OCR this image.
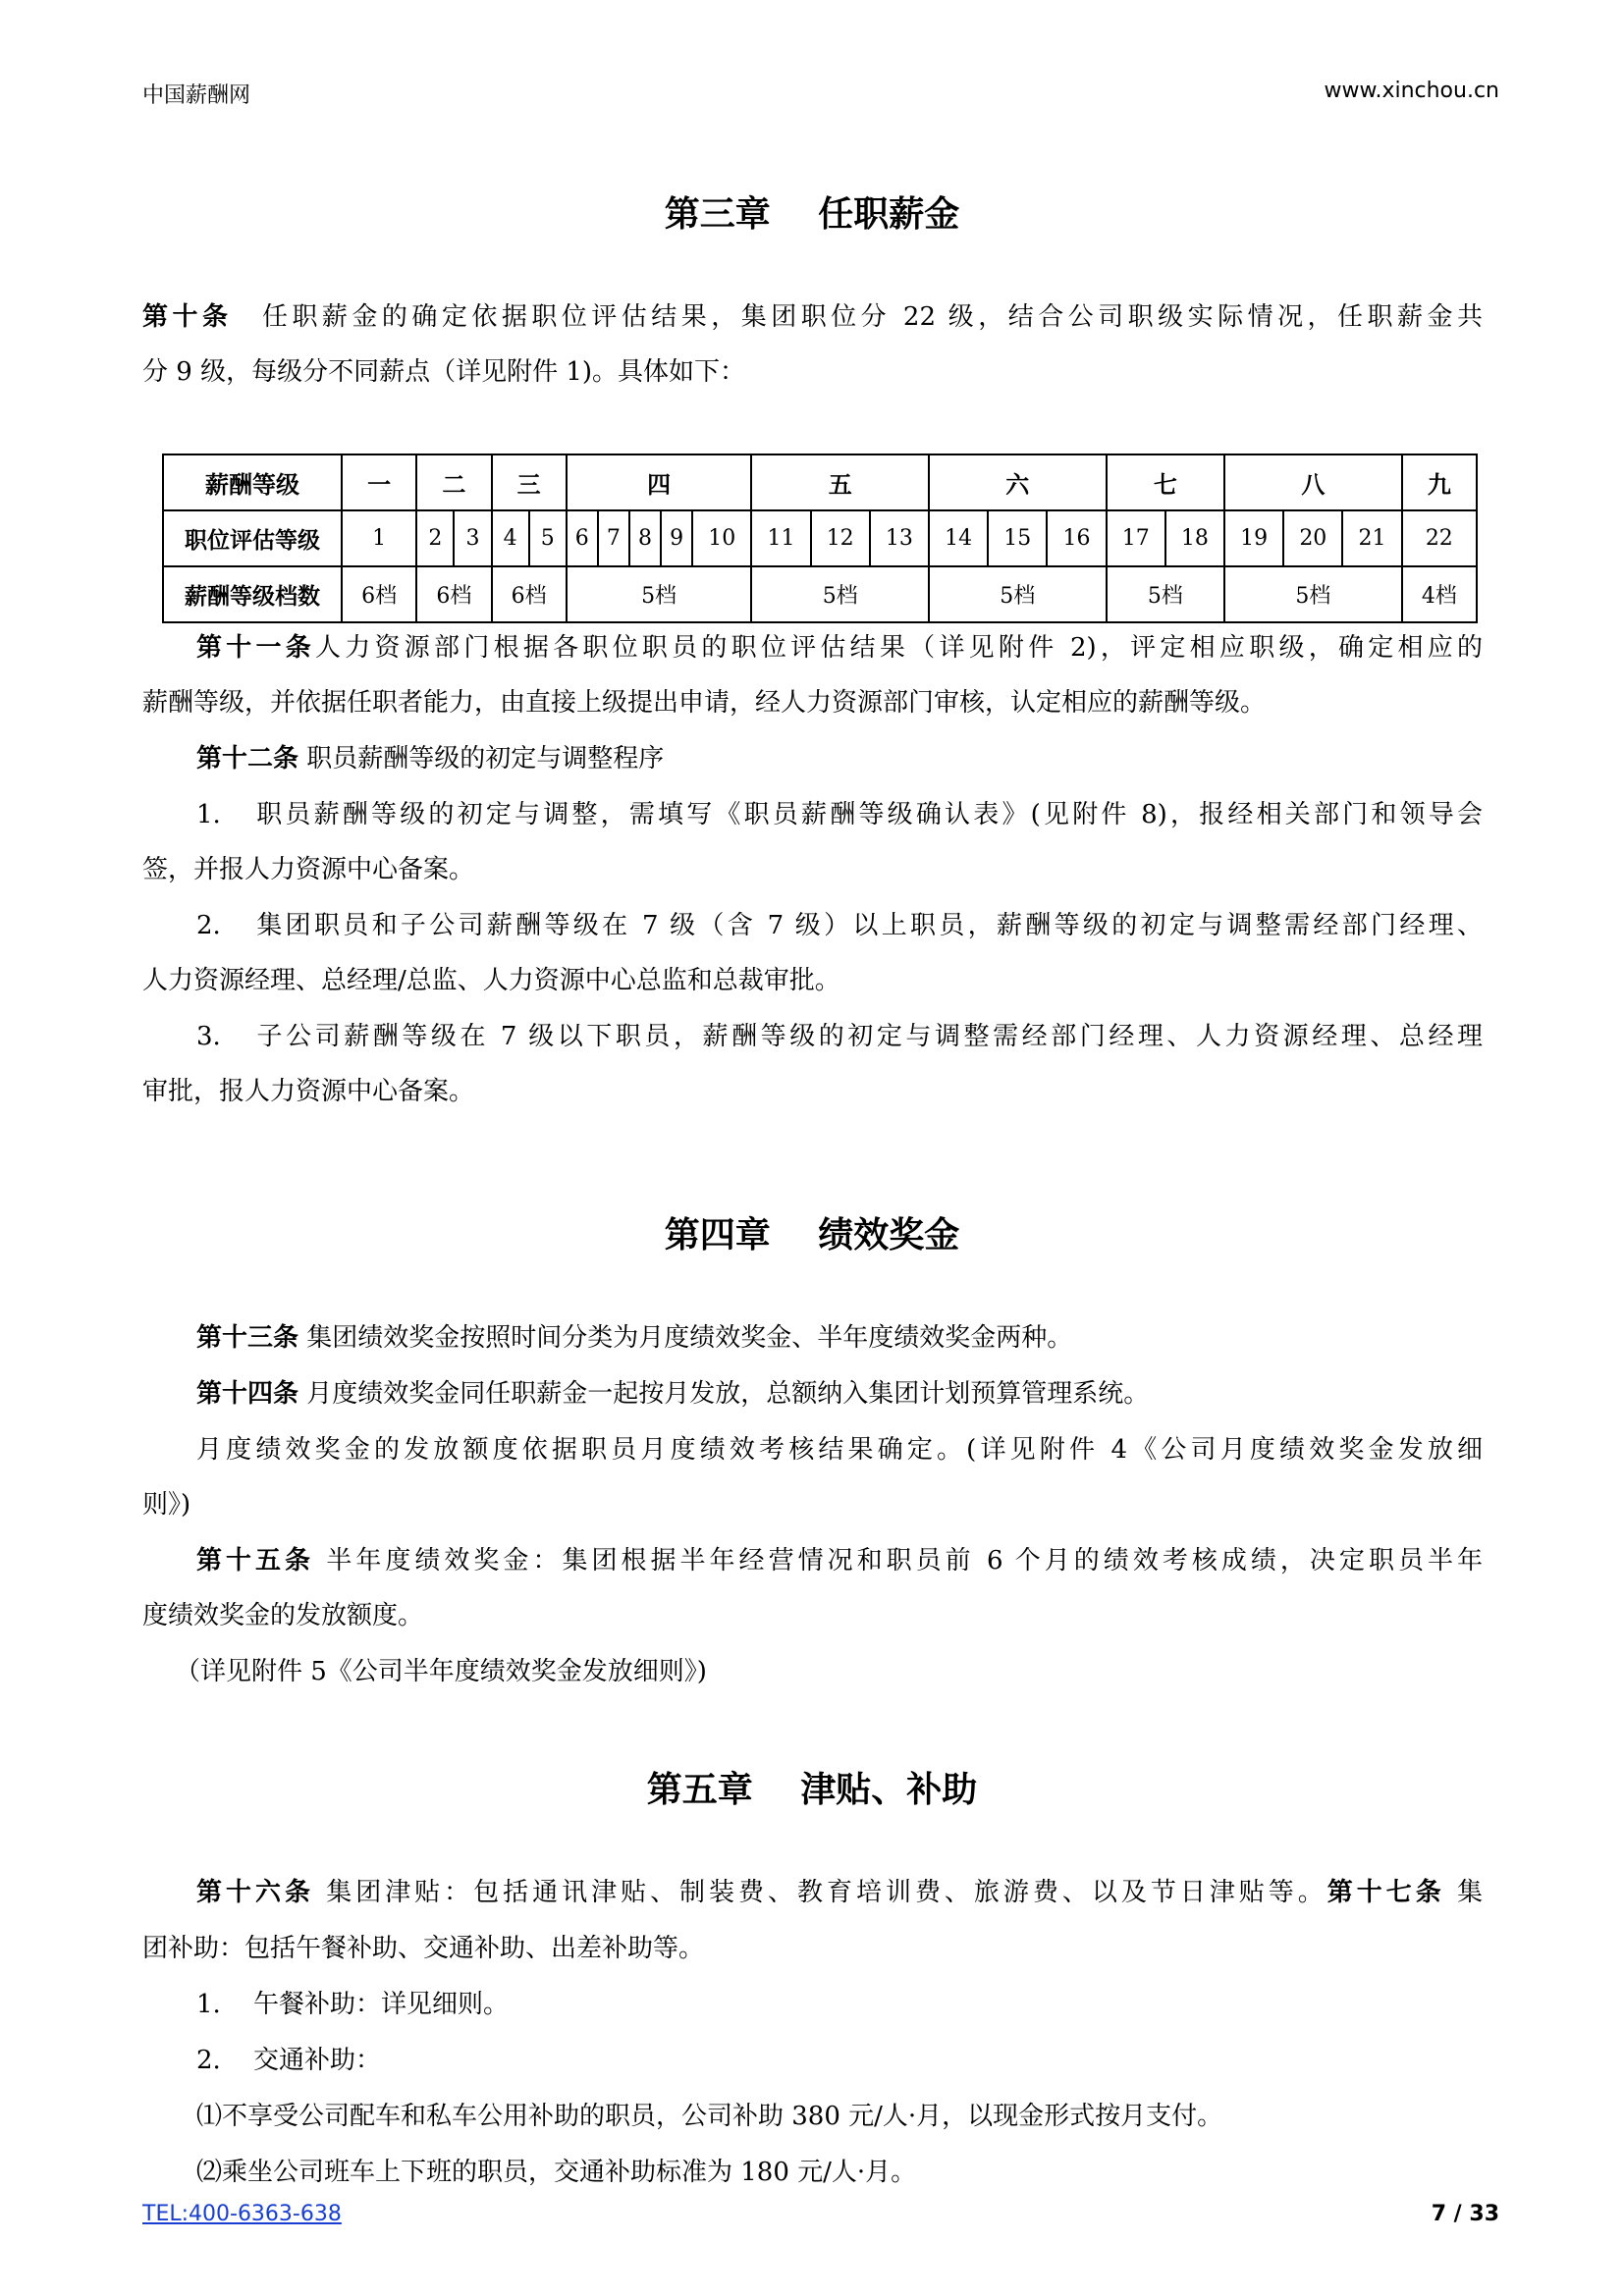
中国薪酬网	www.xinchou.cn
第三章　 任职薪金
第十条 任职薪金的确定依据职位评估结果，集团职位分 22 级，结合公司职级实际情况，任职薪金共
分 9 级，每级分不同薪点（详见附件 1)。具体如下：
薪酬等级	一	二		三		四					五			六			七		八			九
职位评估等级	1	2	3	4	5	6	7	8	9	10	11	12	13	14	15	16	17	18	19	20	21	22
薪酬等级档数	6档	6档		6档		5档					5档			5档			5档		5档			4档
第十一条人力资源部门根据各职位职员的职位评估结果（详见附件 2)，评定相应职级，确定相应的
薪酬等级，并依据任职者能力，由直接上级提出申请，经人力资源部门审核，认定相应的薪酬等级。
第十二条 职员薪酬等级的初定与调整程序
1. 职员薪酬等级的初定与调整，需填写《职员薪酬等级确认表》(见附件 8)，报经相关部门和领导会
签，并报人力资源中心备案。
2. 集团职员和子公司薪酬等级在 7 级（含 7 级）以上职员，薪酬等级的初定与调整需经部门经理、
人力资源经理、总经理/总监、人力资源中心总监和总裁审批。
3. 子公司薪酬等级在 7 级以下职员，薪酬等级的初定与调整需经部门经理、人力资源经理、总经理
审批，报人力资源中心备案。
第四章　 绩效奖金
第十三条 集团绩效奖金按照时间分类为月度绩效奖金、半年度绩效奖金两种。
第十四条 月度绩效奖金同任职薪金一起按月发放，总额纳入集团计划预算管理系统。
月度绩效奖金的发放额度依据职员月度绩效考核结果确定。(详见附件 4《公司月度绩效奖金发放细
则》)
第十五条 半年度绩效奖金：集团根据半年经营情况和职员前 6 个月的绩效考核成绩，决定职员半年
度绩效奖金的发放额度。
（详见附件 5《公司半年度绩效奖金发放细则》)
第五章　 津贴、补助
第十六条 集团津贴：包括通讯津贴、制装费、教育培训费、旅游费、以及节日津贴等。第十七条 集
团补助：包括午餐补助、交通补助、出差补助等。
1. 午餐补助：详见细则。
2. 交通补助：
⑴不享受公司配车和私车公用补助的职员，公司补助 380 元/人·月，以现金形式按月支付。
⑵乘坐公司班车上下班的职员，交通补助标准为 180 元/人·月。
TEL:400-6363-638	7 / 33
